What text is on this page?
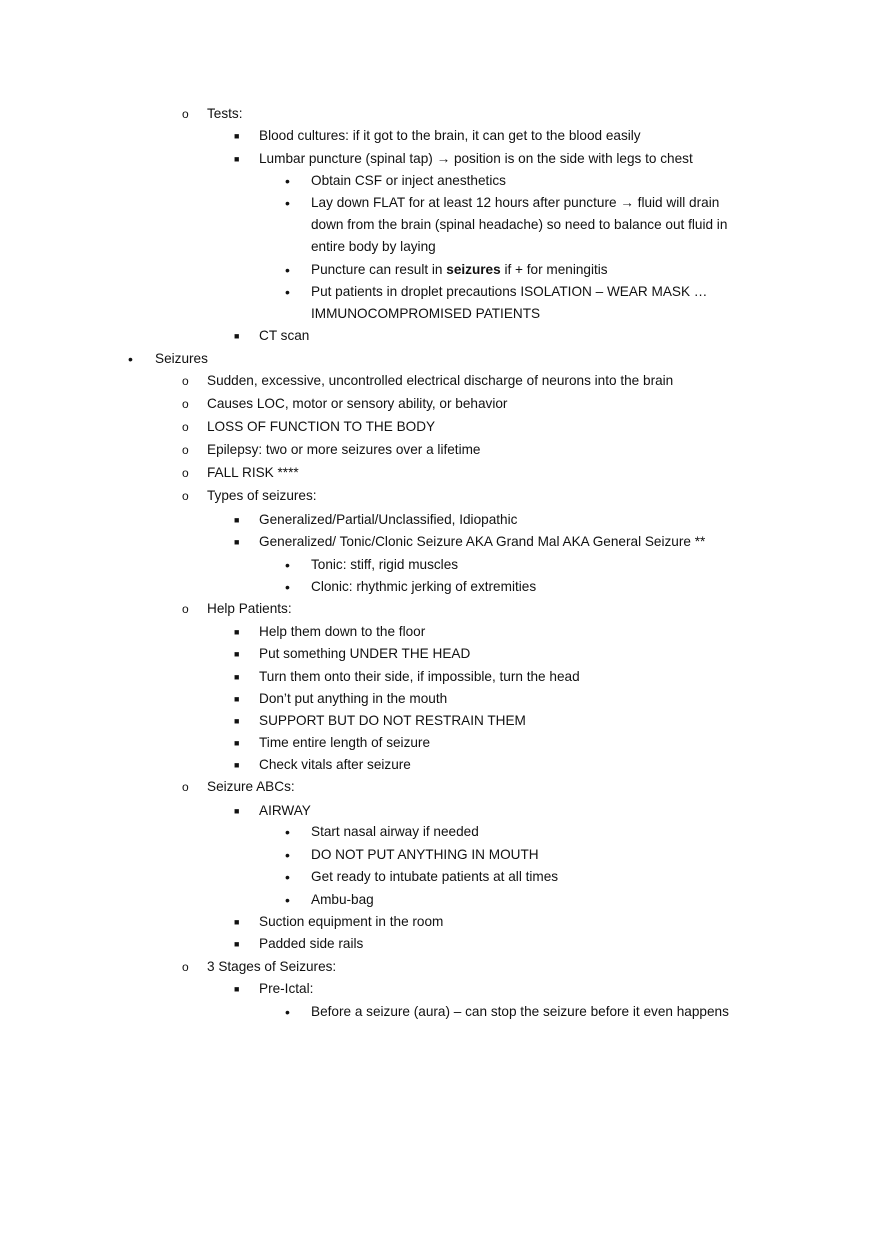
o Tests:
■ Blood cultures: if it got to the brain, it can get to the blood easily
■ Lumbar puncture (spinal tap) → position is on the side with legs to chest
• Obtain CSF or inject anesthetics
• Lay down FLAT for at least 12 hours after puncture → fluid will drain
down from the brain (spinal headache) so need to balance out fluid in
entire body by laying
• Puncture can result in seizures if + for meningitis
• Put patients in droplet precautions ISOLATION – WEAR MASK …
IMMUNOCOMPROMISED PATIENTS
■ CT scan
• Seizures
o Sudden, excessive, uncontrolled electrical discharge of neurons into the brain
o Causes LOC, motor or sensory ability, or behavior
o LOSS OF FUNCTION TO THE BODY
o Epilepsy: two or more seizures over a lifetime
o FALL RISK ****
o Types of seizures:
■ Generalized/Partial/Unclassified, Idiopathic
■ Generalized/ Tonic/Clonic Seizure AKA Grand Mal AKA General Seizure **
• Tonic: stiff, rigid muscles
• Clonic: rhythmic jerking of extremities
o Help Patients:
■ Help them down to the floor
■ Put something UNDER THE HEAD
■ Turn them onto their side, if impossible, turn the head
■ Don’t put anything in the mouth
■ SUPPORT BUT DO NOT RESTRAIN THEM
■ Time entire length of seizure
■ Check vitals after seizure
o Seizure ABCs:
■ AIRWAY
• Start nasal airway if needed
• DO NOT PUT ANYTHING IN MOUTH
• Get ready to intubate patients at all times
• Ambu-bag
■ Suction equipment in the room
■ Padded side rails
o 3 Stages of Seizures:
■ Pre-Ictal:
• Before a seizure (aura) – can stop the seizure before it even happens
